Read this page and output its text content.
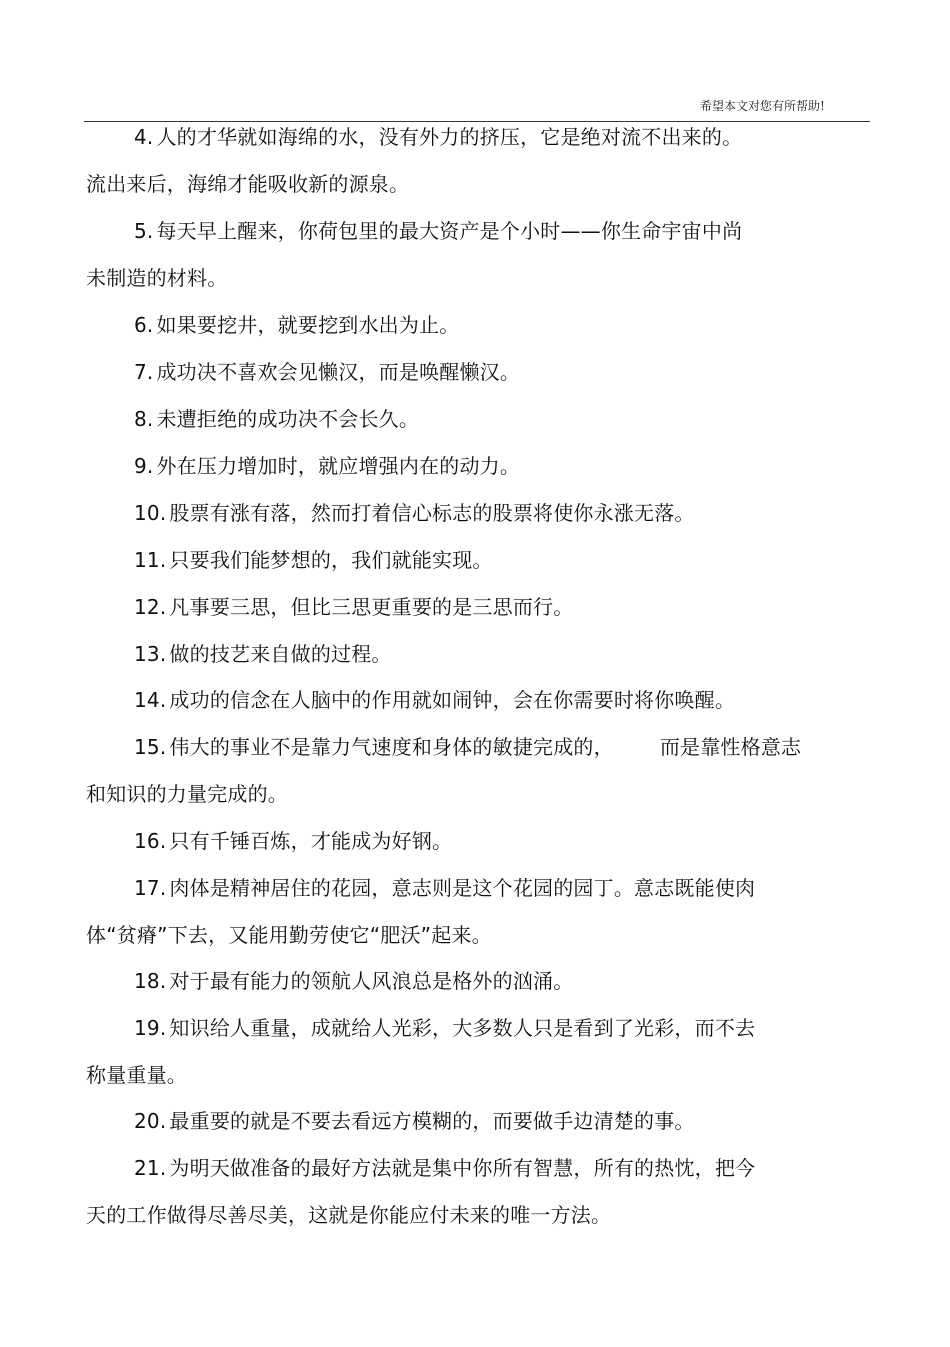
希望本文对您有所帮助!
4. 人的才华就如海绵的水，没有外力的挤压，它是绝对流不出来的。
流出来后，海绵才能吸收新的源泉。
5. 每天早上醒来，你荷包里的最大资产是个小时——你生命宇宙中尚
未制造的材料。
6. 如果要挖井，就要挖到水出为止。
7. 成功决不喜欢会见懒汉，而是唤醒懒汉。
8. 未遭拒绝的成功决不会长久。
9. 外在压力增加时，就应增强内在的动力。
10. 股票有涨有落，然而打着信心标志的股票将使你永涨无落。
11. 只要我们能梦想的，我们就能实现。
12. 凡事要三思，但比三思更重要的是三思而行。
13. 做的技艺来自做的过程。
14. 成功的信念在人脑中的作用就如闹钟，会在你需要时将你唤醒。
15. 伟大的事业不是靠力气速度和身体的敏捷完成的， 而是靠性格意志
和知识的力量完成的。
16. 只有千锤百炼，才能成为好钢。
17. 肉体是精神居住的花园，意志则是这个花园的园丁。意志既能使肉
体“贫瘠”下去，又能用勤劳使它“肥沃”起来。
18. 对于最有能力的领航人风浪总是格外的汹涌。
19. 知识给人重量，成就给人光彩，大多数人只是看到了光彩，而不去
称量重量。
20. 最重要的就是不要去看远方模糊的，而要做手边清楚的事。
21. 为明天做准备的最好方法就是集中你所有智慧，所有的热忱，把今
天的工作做得尽善尽美，这就是你能应付未来的唯一方法。
